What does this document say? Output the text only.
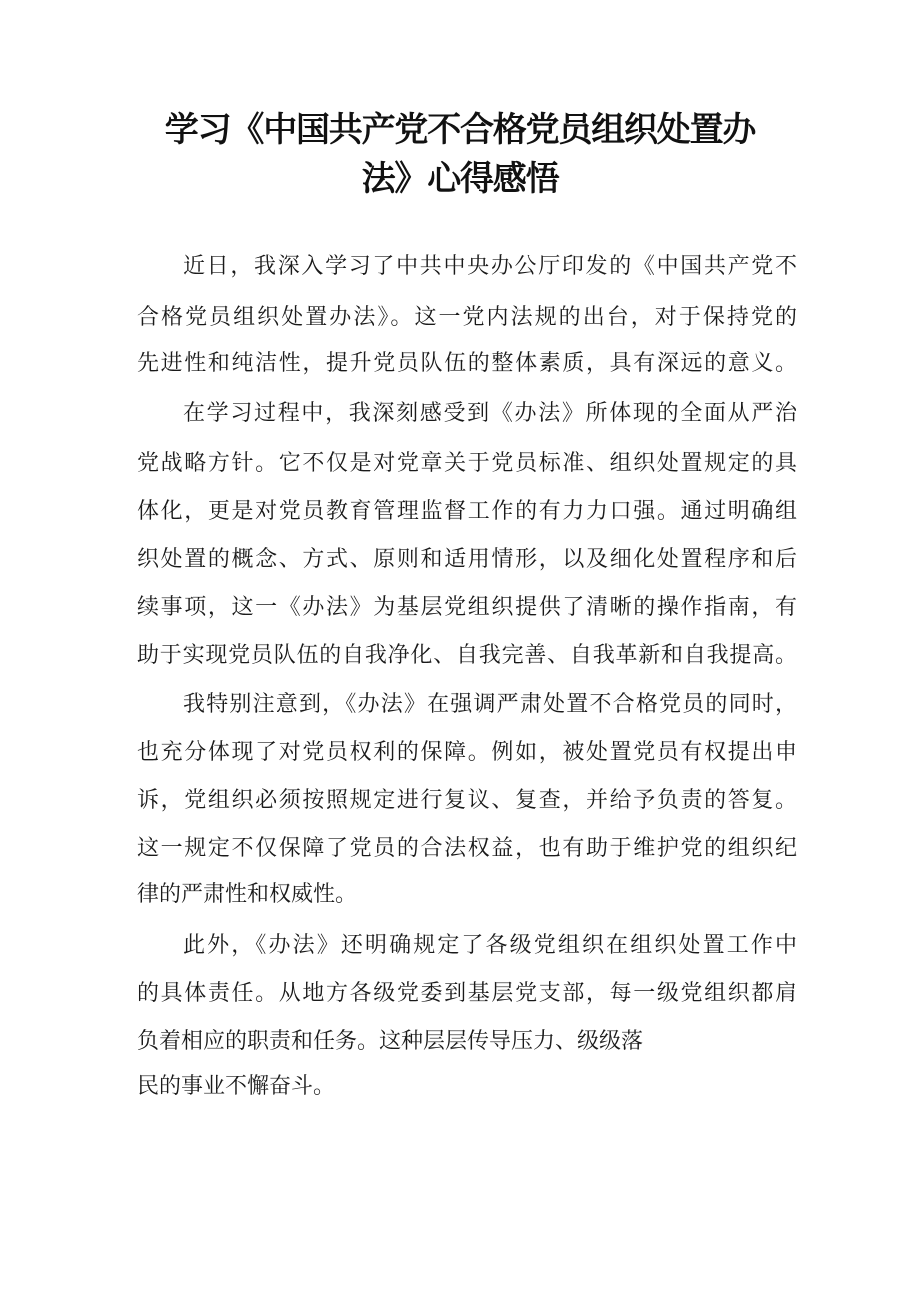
学习《中国共产党不合格党员组织处置办
法》心得感悟
近日，我深入学习了中共中央办公厅印发的《中国共产党不
合格党员组织处置办法》。这一党内法规的出台，对于保持党的
先进性和纯洁性，提升党员队伍的整体素质，具有深远的意义。
在学习过程中，我深刻感受到《办法》所体现的全面从严治
党战略方针。它不仅是对党章关于党员标准、组织处置规定的具
体化，更是对党员教育管理监督工作的有力力口强。通过明确组
织处置的概念、方式、原则和适用情形，以及细化处置程序和后
续事项，这一《办法》为基层党组织提供了清晰的操作指南，有
助于实现党员队伍的自我净化、自我完善、自我革新和自我提高。
我特别注意到，《办法》在强调严肃处置不合格党员的同时，
也充分体现了对党员权利的保障。例如，被处置党员有权提出申
诉，党组织必须按照规定进行复议、复查，并给予负责的答复。
这一规定不仅保障了党员的合法权益，也有助于维护党的组织纪
律的严肃性和权威性。
此外，《办法》还明确规定了各级党组织在组织处置工作中
的具体责任。从地方各级党委到基层党支部，每一级党组织都肩
负着相应的职责和任务。这种层层传导压力、级级落
民的事业不懈奋斗。
